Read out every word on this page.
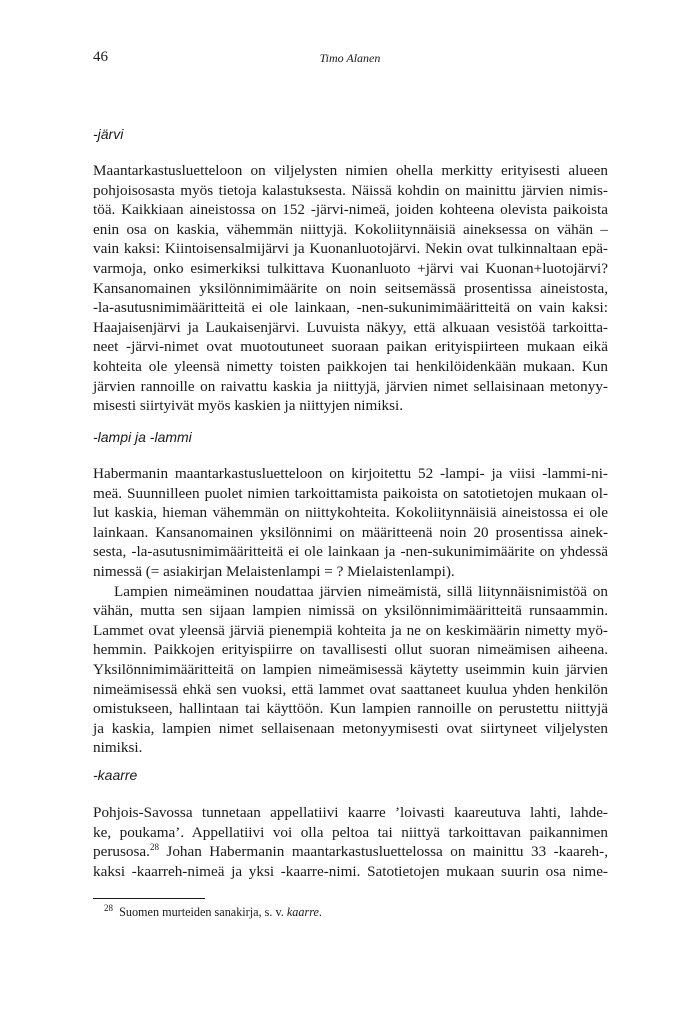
46	Timo Alanen
-järvi
Maantarkastusluetteloon on viljelysten nimien ohella merkitty erityisesti alueen
pohjoisosasta myös tietoja kalastuksesta. Näissä kohdin on mainittu järvien nimis-
töä. Kaikkiaan aineistossa on 152 -järvi-nimeä, joiden kohteena olevista paikoista
enin osa on kaskia, vähemmän niittyjä. Kokoliitynnäisiä aineksessa on vähän –
vain kaksi: Kiintoisensalmijärvi ja Kuonanluotojärvi. Nekin ovat tulkinnaltaan epä-
varmoja, onko esimerkiksi tulkittava Kuonanluoto +järvi vai Kuonan+luotojärvi?
Kansanomainen yksilönnimimäärite on noin seitsemässä prosentissa aineistosta,
-la-asutusnimimääritteitä ei ole lainkaan, -nen-sukunimimääritteitä on vain kaksi:
Haajaisenjärvi ja Laukaisenjärvi. Luvuista näkyy, että alkuaan vesistöä tarkoitta-
neet -järvi-nimet ovat muotoutuneet suoraan paikan erityispiirteen mukaan eikä
kohteita ole yleensä nimetty toisten paikkojen tai henkilöidenkään mukaan. Kun
järvien rannoille on raivattu kaskia ja niittyjä, järvien nimet sellaisinaan metonyy-
misesti siirtyivät myös kaskien ja niittyjen nimiksi.
-lampi ja -lammi
Habermanin maantarkastusluetteloon on kirjoitettu 52 -lampi- ja viisi -lammi-ni-
meä. Suunnilleen puolet nimien tarkoittamista paikoista on satotietojen mukaan ol-
lut kaskia, hieman vähemmän on niittykohteita. Kokoliitynnäisiä aineistossa ei ole
lainkaan. Kansanomainen yksilönnimi on määritteenä noin 20 prosentissa ainek-
sesta, -la-asutusnimimääritteitä ei ole lainkaan ja -nen-sukunimimäärite on yhdessä
nimessä (= asiakirjan Melaistenlampi = ? Mielaistenlampi).
Lampien nimeäminen noudattaa järvien nimeämistä, sillä liitynnäisnimistöä on
vähän, mutta sen sijaan lampien nimissä on yksilönnimimääritteitä runsaammin.
Lammet ovat yleensä järviä pienempiä kohteita ja ne on keskimäärin nimetty myö-
hemmin. Paikkojen erityispiirre on tavallisesti ollut suoran nimeämisen aiheena.
Yksilönnimimääritteitä on lampien nimeämisessä käytetty useimmin kuin järvien
nimeämisessä ehkä sen vuoksi, että lammet ovat saattaneet kuulua yhden henkilön
omistukseen, hallintaan tai käyttöön. Kun lampien rannoille on perustettu niittyjä
ja kaskia, lampien nimet sellaisenaan metonyymisesti ovat siirtyneet viljelysten
nimiksi.
-kaarre
Pohjois-Savossa tunnetaan appellatiivi kaarre ’loivasti kaareutuva lahti, lahde-
ke, poukama’. Appellatiivi voi olla peltoa tai niittyä tarkoittavan paikannimen
perusosa.$^{28}$ Johan Habermanin maantarkastusluettelossa on mainittu 33 -kaareh-,
kaksi -kaarreh-nimeä ja yksi -kaarre-nimi. Satotietojen mukaan suurin osa nime-
$^{28}$ Suomen murteiden sanakirja, s. v. kaarre.
